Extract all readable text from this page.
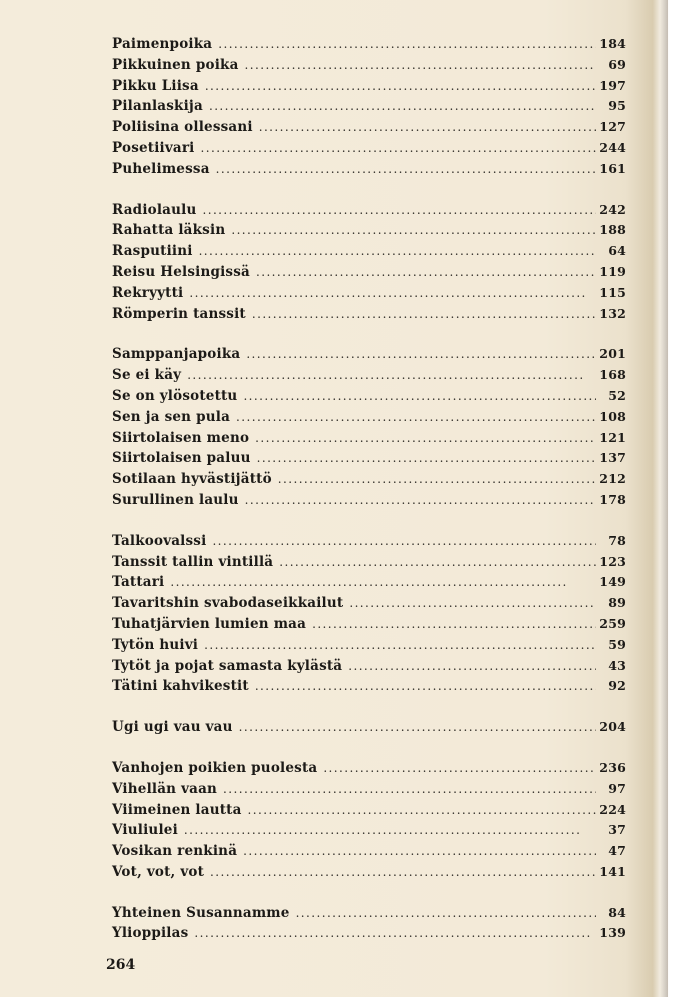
Paimenpoika . . .	184
Pikkuinen poika . . .	69
Pikku Liisa . . .	197
Pilanlaskija . . .	95
Poliisina ollessani . . .	127
Posetiivari . . .	244
Puhelimessa . . .	161
Radiolaulu . . .	242
Rahatta läksin . . .	188
Rasputiini . . .	64
Reisu Helsingissä . . .	119
Rekryytti . . .	115
Römperin tanssit . . .	132
Samppanjapoika . . .	201
Se ei käy . . .	168
Se on ylösotettu . . .	52
Sen ja sen pula . . .	108
Siirtolaisen meno . . .	121
Siirtolaisen paluu . . .	137
Sotilaan hyvästijättö . . .	212
Surullinen laulu . . .	178
Talkoovalssi . . .	78
Tanssit tallin vintillä . . .	123
Tattari . . .	149
Tavaritshin svabodaseikkailut . . .	89
Tuhatjärvien lumien maa . . .	259
Tytön huivi . . .	59
Tytöt ja pojat samasta kylästä . . .	43
Tätini kahvikestit . . .	92
Ugi ugi vau vau . . .	204
Vanhojen poikien puolesta . . .	236
Vihellän vaan . . .	97
Viimeinen lautta . . .	224
Viuliulei . . .	37
Vosikan renkinä . . .	47
Vot, vot, vot . . .	141
Yhteinen Susannamme . . .	84
Ylioppilas . . .	139
264
